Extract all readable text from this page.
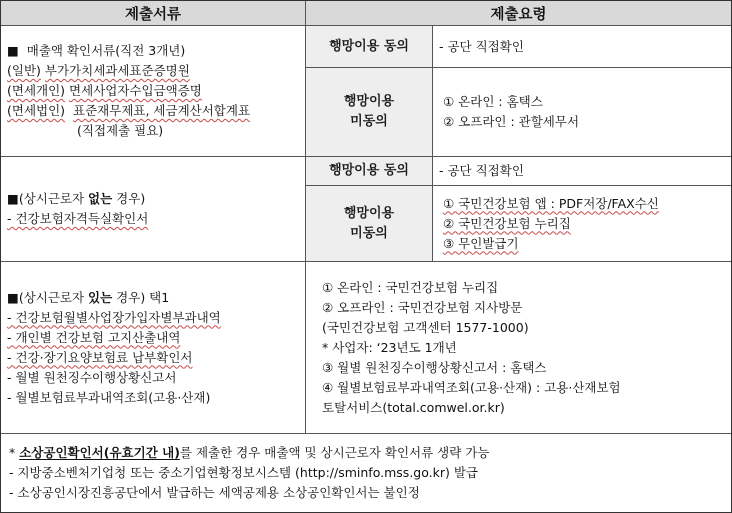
제출서류	제출요령
■ 매출액 확인서류(직전 3개년)
(일반) 부가가치세과세표준증명원
(면세개인) 면세사업자수입금액증명
(면세법인) 표준재무제표, 세금계산서합계표
(직접제출 필요)
행망이용 동의 - 공단 직접확인
행망이용
미동의
① 온라인 : 홈택스
② 오프라인 : 관할세무서
■(상시근로자 없는 경우)
- 건강보험자격득실확인서
행망이용 동의 - 공단 직접확인
행망이용
미동의
① 국민건강보험 앱 : PDF저장/FAX수신
② 국민건강보험 누리집
③ 무인발급기
■(상시근로자 있는 경우) 택1
- 건강보험월별사업장가입자별부과내역
- 개인별 건강보험 고지산출내역
- 건강·장기요양보험료 납부확인서
- 월별 원천징수이행상황신고서
- 월별보험료부과내역조회(고용·산재)
① 온라인 : 국민건강보험 누리집
② 오프라인 : 국민건강보험 지사방문
(국민건강보험 고객센터 1577-1000)
* 사업자: ‘23년도 1개년
③ 월별 원천징수이행상황신고서 : 홈택스
④ 월별보험료부과내역조회(고용·산재) : 고용·산재보험
토탈서비스(total.comwel.or.kr)
* 소상공인확인서(유효기간 내)를 제출한 경우 매출액 및 상시근로자 확인서류 생략 가능
- 지방중소벤처기업청 또는 중소기업현황정보시스템 (http://sminfo.mss.go.kr) 발급
- 소상공인시장진흥공단에서 발급하는 세액공제용 소상공인확인서는 불인정
